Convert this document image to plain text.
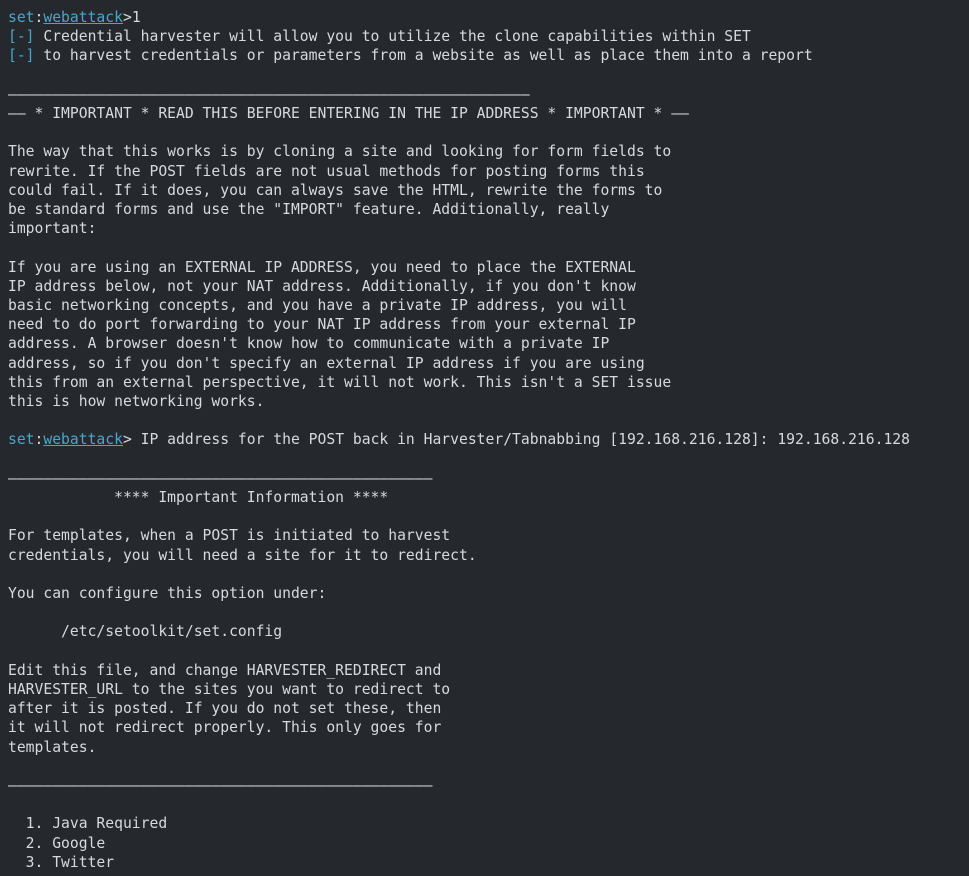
set:webattack>1
[-] Credential harvester will allow you to utilize the clone capabilities within SET
[-] to harvest credentials or parameters from a website as well as place them into a report
———————————————————————————————————————————————————————————
—— * IMPORTANT * READ THIS BEFORE ENTERING IN THE IP ADDRESS * IMPORTANT * ——
The way that this works is by cloning a site and looking for form fields to
rewrite. If the POST fields are not usual methods for posting forms this
could fail. If it does, you can always save the HTML, rewrite the forms to
be standard forms and use the "IMPORT" feature. Additionally, really
important:
If you are using an EXTERNAL IP ADDRESS, you need to place the EXTERNAL
IP address below, not your NAT address. Additionally, if you don't know
basic networking concepts, and you have a private IP address, you will
need to do port forwarding to your NAT IP address from your external IP
address. A browser doesn't know how to communicate with a private IP
address, so if you don't specify an external IP address if you are using
this from an external perspective, it will not work. This isn't a SET issue
this is how networking works.
set:webattack> IP address for the POST back in Harvester/Tabnabbing [192.168.216.128]: 192.168.216.128
————————————————————————————————————————————————
**** Important Information ****
For templates, when a POST is initiated to harvest
credentials, you will need a site for it to redirect.
You can configure this option under:
/etc/setoolkit/set.config
Edit this file, and change HARVESTER_REDIRECT and
HARVESTER_URL to the sites you want to redirect to
after it is posted. If you do not set these, then
it will not redirect properly. This only goes for
templates.
————————————————————————————————————————————————
1. Java Required
2. Google
3. Twitter
